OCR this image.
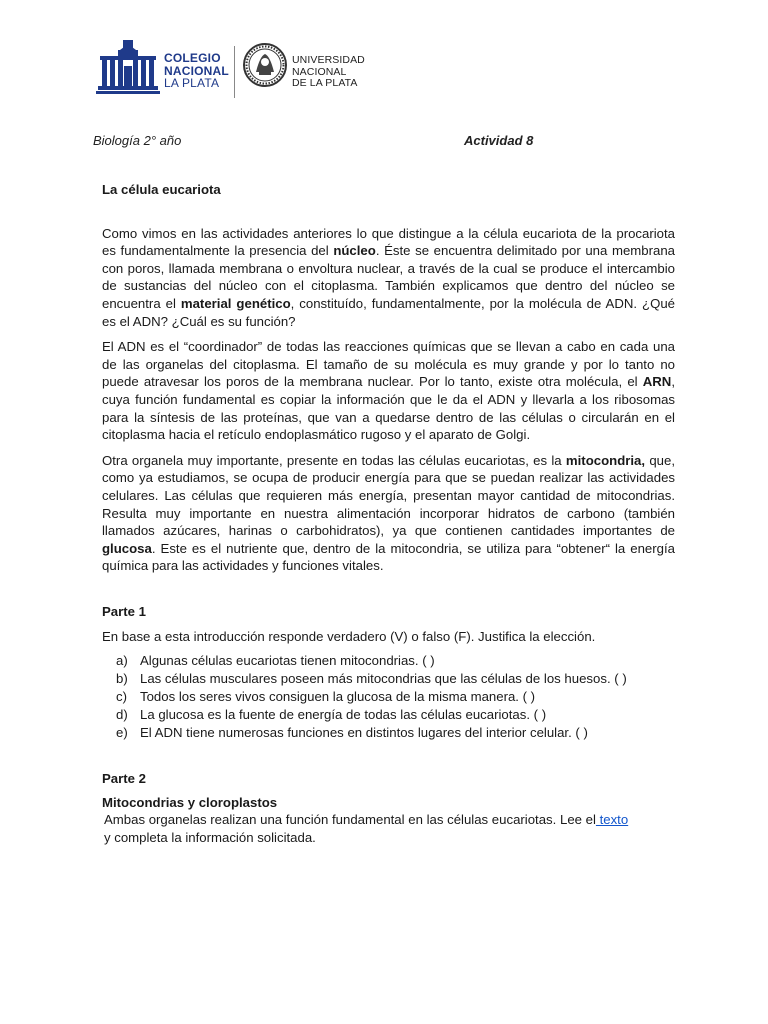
COLEGIO
NACIONAL
LA PLATA
UNIVERSIDAD
NACIONAL
DE LA PLATA
Biología 2° año	Actividad 8
La célula eucariota

Como vimos en las actividades anteriores lo que distingue a la célula eucariota de la procariota es fundamentalmente la presencia del núcleo. Éste se encuentra delimitado por una membrana con poros, llamada membrana o envoltura nuclear, a través de la cual se produce el intercambio de sustancias del núcleo con el citoplasma. También explicamos que dentro del núcleo se encuentra el material genético, constituído, fundamentalmente, por la molécula de ADN. ¿Qué es el ADN? ¿Cuál es su función?

El ADN es el “coordinador” de todas las reacciones químicas que se llevan a cabo en cada una de las organelas del citoplasma. El tamaño de su molécula es muy grande y por lo tanto no puede atravesar los poros de la membrana nuclear. Por lo tanto, existe otra molécula, el ARN, cuya función fundamental es copiar la información que le da el ADN y llevarla a los ribosomas para la síntesis de las proteínas, que van a quedarse dentro de las células o circularán en el citoplasma hacia el retículo endoplasmático rugoso y el aparato de Golgi.

Otra organela muy importante, presente en todas las células eucariotas, es la mitocondria, que, como ya estudiamos, se ocupa de producir energía para que se puedan realizar las actividades celulares. Las células que requieren más energía, presentan mayor cantidad de mitocondrias. Resulta muy importante en nuestra alimentación incorporar hidratos de carbono (también llamados azúcares, harinas o carbohidratos), ya que contienen cantidades importantes de glucosa. Este es el nutriente que, dentro de la mitocondria, se utiliza para “obtener“ la energía química para las actividades y funciones vitales.

Parte 1

En base a esta introducción responde verdadero (V) o falso (F). Justifica la elección.

a) Algunas células eucariotas tienen mitocondrias. ( )
b) Las células musculares poseen más mitocondrias que las células de los huesos. ( )
c) Todos los seres vivos consiguen la glucosa de la misma manera. ( )
d) La glucosa es la fuente de energía de todas las células eucariotas. ( )
e) El ADN tiene numerosas funciones en distintos lugares del interior celular. ( )
Parte 2
Mitocondrias y cloroplastos
Ambas organelas realizan una función fundamental en las células eucariotas. Lee el texto
y completa la información solicitada.
